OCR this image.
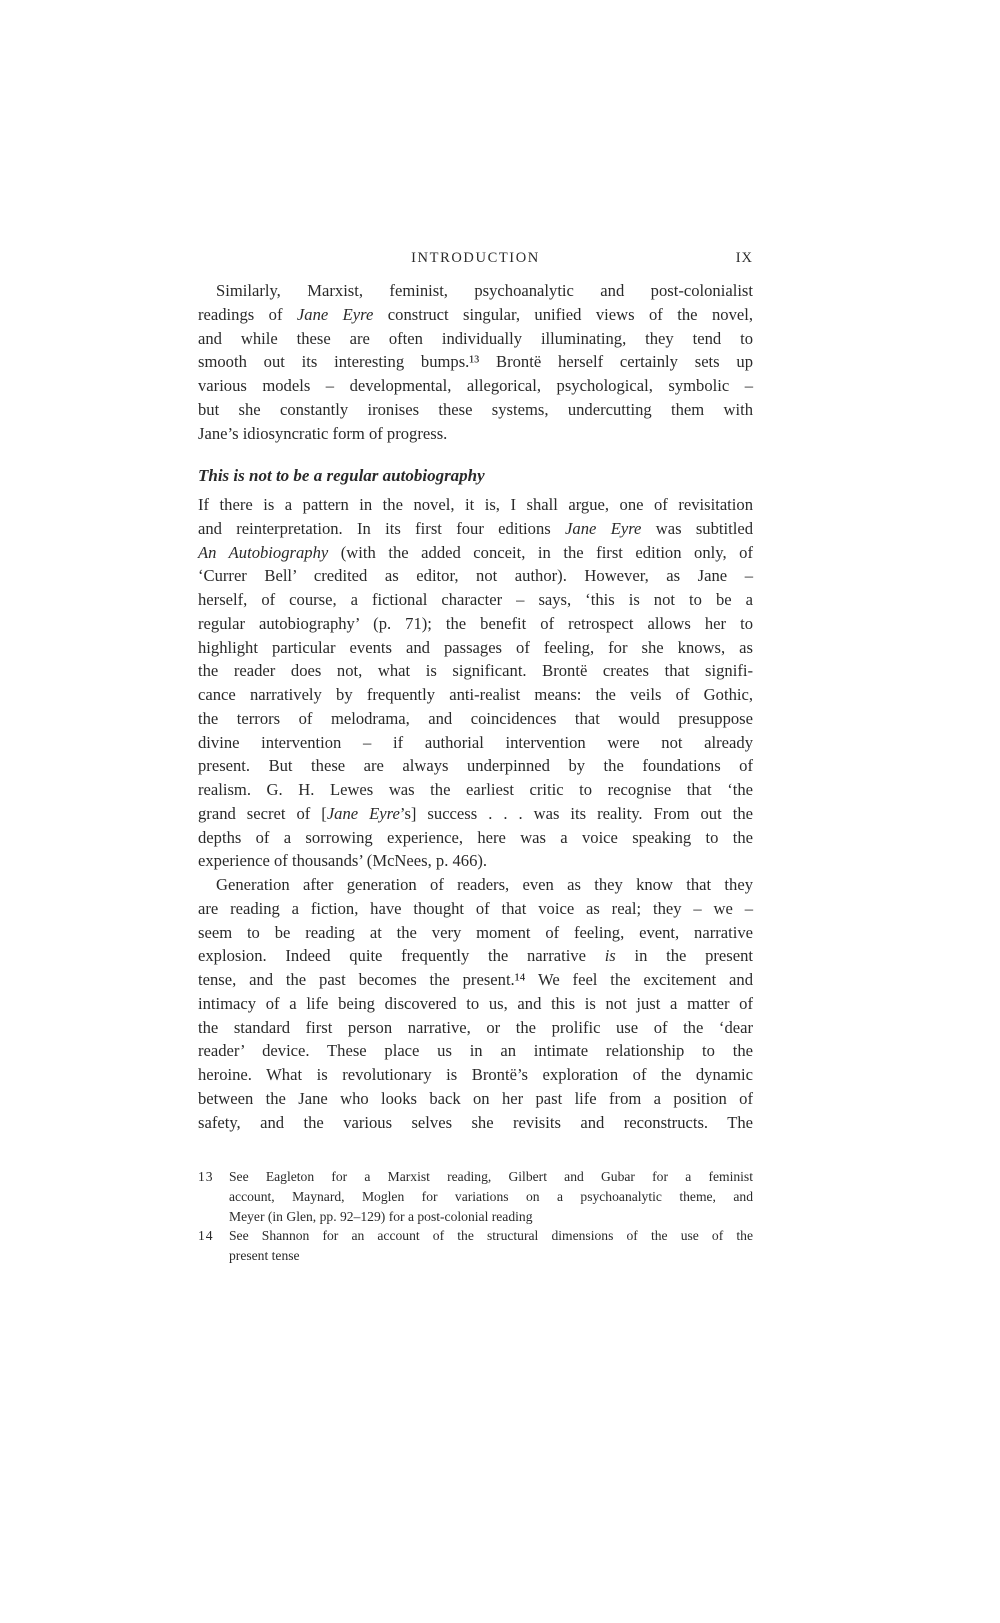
INTRODUCTION	IX
Similarly, Marxist, feminist, psychoanalytic and post-colonialist
readings of Jane Eyre construct singular, unified views of the novel,
and while these are often individually illuminating, they tend to
smooth out its interesting bumps.¹³ Brontë herself certainly sets up
various models – developmental, allegorical, psychological, symbolic –
but she constantly ironises these systems, undercutting them with
Jane’s idiosyncratic form of progress.
This is not to be a regular autobiography
If there is a pattern in the novel, it is, I shall argue, one of revisitation
and reinterpretation. In its first four editions Jane Eyre was subtitled
An Autobiography (with the added conceit, in the first edition only, of
‘Currer Bell’ credited as editor, not author). However, as Jane –
herself, of course, a fictional character – says, ‘this is not to be a
regular autobiography’ (p. 71); the benefit of retrospect allows her to
highlight particular events and passages of feeling, for she knows, as
the reader does not, what is significant. Brontë creates that signifi-
cance narratively by frequently anti-realist means: the veils of Gothic,
the terrors of melodrama, and coincidences that would presuppose
divine intervention – if authorial intervention were not already
present. But these are always underpinned by the foundations of
realism. G. H. Lewes was the earliest critic to recognise that ‘the
grand secret of [Jane Eyre’s] success . . . was its reality. From out the
depths of a sorrowing experience, here was a voice speaking to the
experience of thousands’ (McNees, p. 466).
Generation after generation of readers, even as they know that they
are reading a fiction, have thought of that voice as real; they – we –
seem to be reading at the very moment of feeling, event, narrative
explosion. Indeed quite frequently the narrative is in the present
tense, and the past becomes the present.¹⁴ We feel the excitement and
intimacy of a life being discovered to us, and this is not just a matter of
the standard first person narrative, or the prolific use of the ‘dear
reader’ device. These place us in an intimate relationship to the
heroine. What is revolutionary is Brontë’s exploration of the dynamic
between the Jane who looks back on her past life from a position of
safety, and the various selves she revisits and reconstructs. The
13 See Eagleton for a Marxist reading, Gilbert and Gubar for a feminist
account, Maynard, Moglen for variations on a psychoanalytic theme, and
Meyer (in Glen, pp. 92–129) for a post-colonial reading
14 See Shannon for an account of the structural dimensions of the use of the
present tense
